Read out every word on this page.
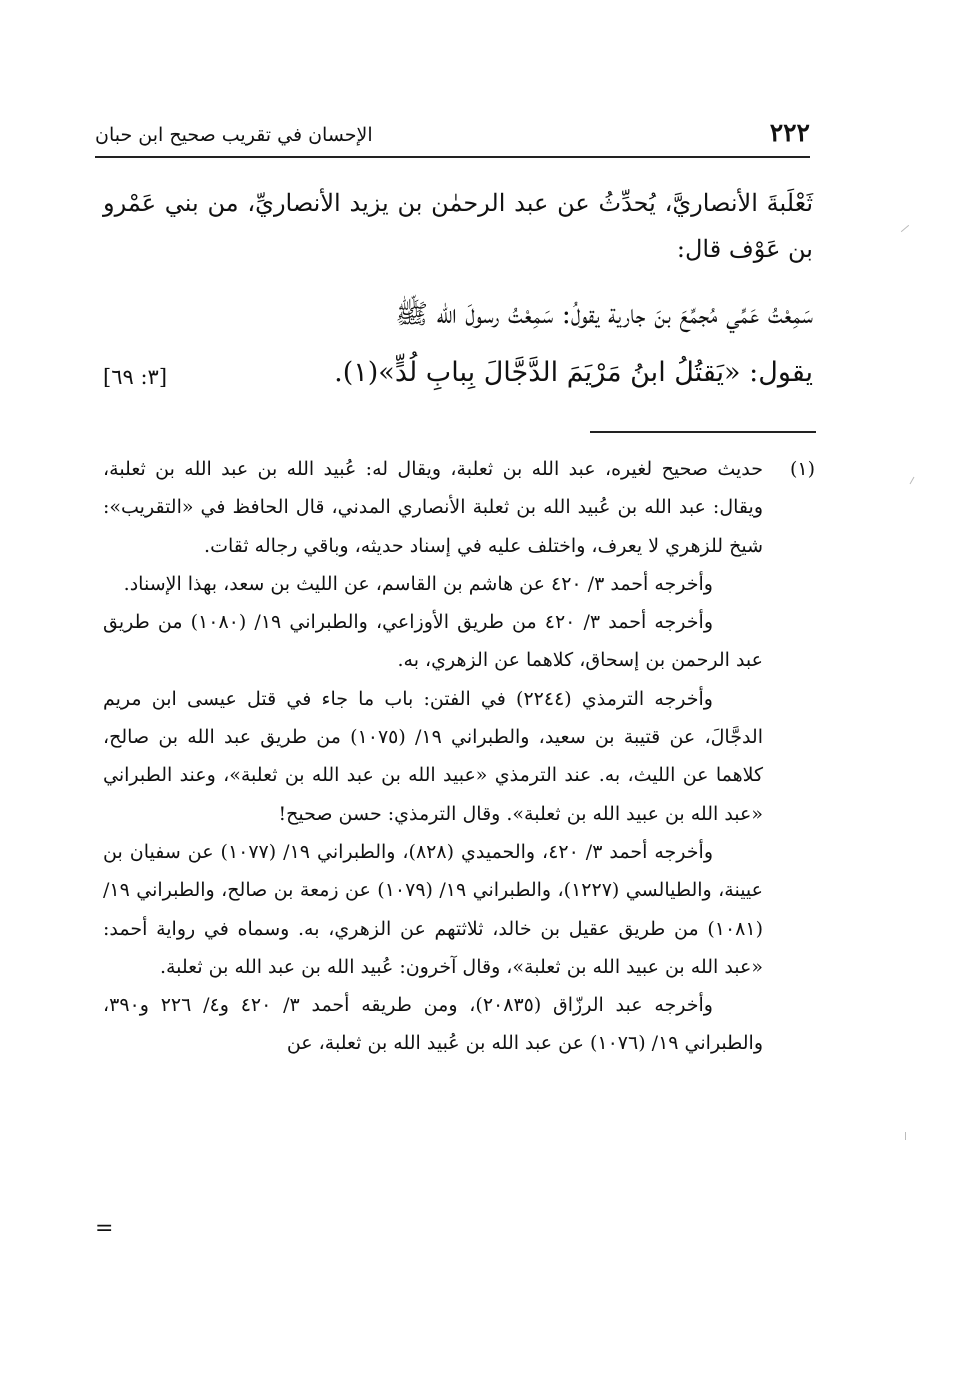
٢٢٢
الإحسان في تقريب صحيح ابن حبان

ثَعْلَبةَ الأنصاريَّ، يُحدِّثُ عن عبد الرحمٰن بن يزيد الأنصاريِّ، من بني عَمْرو بن عَوْف قال:

سَمِعْتُ عَمِّي مُجمِّعَ بنَ جارية يقولُ: سَمِعْتُ رسولَ الله ﷺ
يقول: «يَقتُلُ ابنُ مَرْيَمَ الدَّجَّالَ بِبابِ لُدٍّ»(١).
[٣: ٦٩]
(١)

حديث صحيح لغيره، عبد الله بن ثعلبة، ويقال له: عُبيد الله بن عبد الله بن ثعلبة، ويقال: عبد الله بن عُبيد الله بن ثعلبة الأنصاري المدني، قال الحافظ في «التقريب»: شيخ للزهري لا يعرف، واختلف عليه في إسناد حديثه، وباقي رجاله ثقات.

وأخرجه أحمد ٣/ ٤٢٠ عن هاشم بن القاسم، عن الليث بن سعد، بهذا الإسناد.

وأخرجه أحمد ٣/ ٤٢٠ من طريق الأوزاعي، والطبراني ١٩/ (١٠٨٠) من طريق عبد الرحمن بن إسحاق، كلاهما عن الزهري، به.

وأخرجه الترمذي (٢٢٤٤) في الفتن: باب ما جاء في قتل عيسى ابن مريم الدجَّالَ، عن قتيبة بن سعيد، والطبراني ١٩/ (١٠٧٥) من طريق عبد الله بن صالح، كلاهما عن الليث، به. عند الترمذي «عبيد الله بن عبد الله بن ثعلبة»، وعند الطبراني «عبد الله بن عبيد الله بن ثعلبة». وقال الترمذي: حسن صحيح!

وأخرجه أحمد ٣/ ٤٢٠، والحميدي (٨٢٨)، والطبراني ١٩/ (١٠٧٧) عن سفيان بن عيينة، والطيالسي (١٢٢٧)، والطبراني ١٩/ (١٠٧٩) عن زمعة بن صالح، والطبراني ١٩/ (١٠٨١) من طريق عقيل بن خالد، ثلاثتهم عن الزهري، به. وسماه في رواية أحمد: «عبد الله بن عبيد الله بن ثعلبة»، وقال آخرون: عُبيد الله بن عبد الله بن ثعلبة.

وأخرجه عبد الرزّاق (٢٠٨٣٥)، ومن طريقه أحمد ٣/ ٤٢٠ و٤/ ٢٢٦ و٣٩٠، والطبراني ١٩/ (١٠٧٦) عن عبد الله بن عُبيد الله بن ثعلبة، عن

=
